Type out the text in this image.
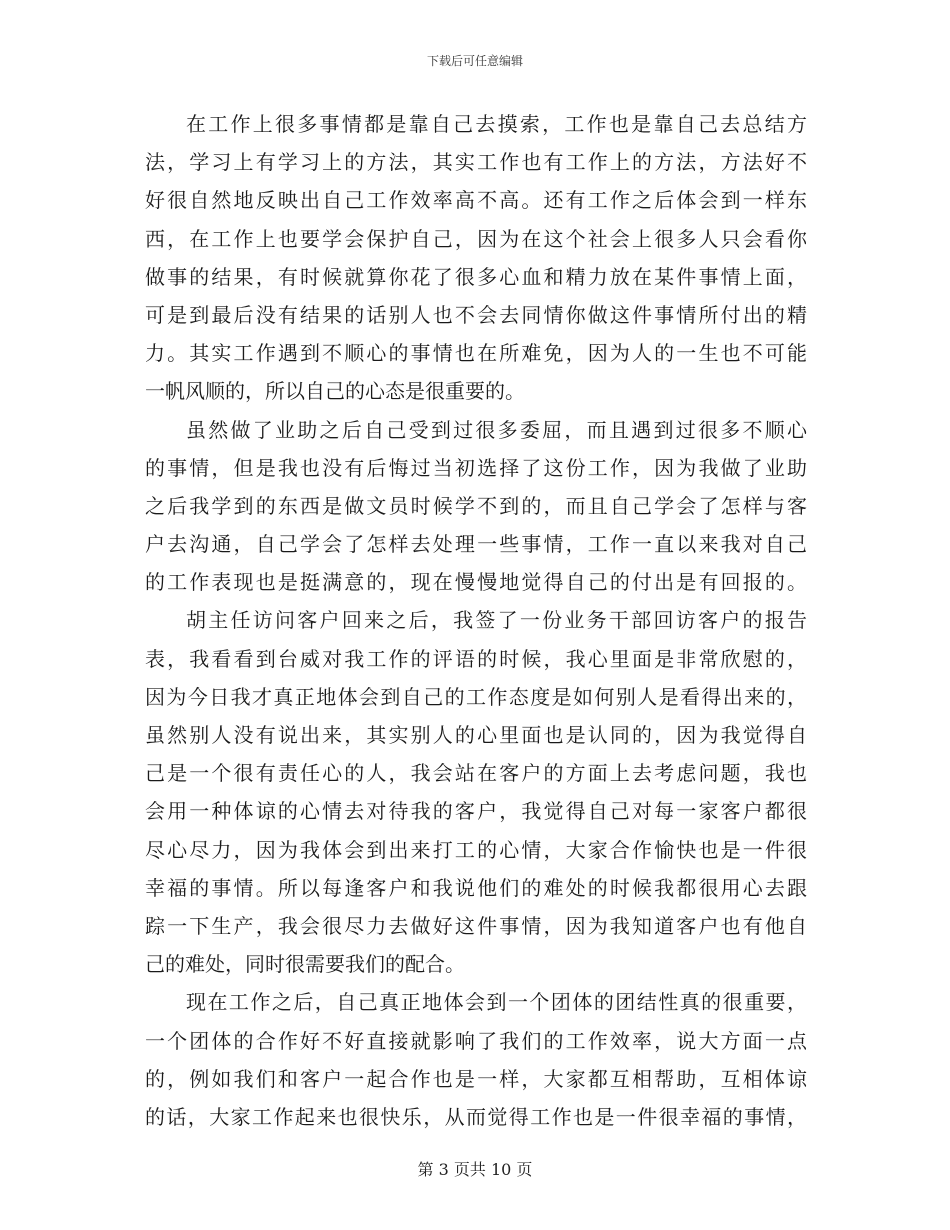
下载后可任意编辑
在工作上很多事情都是靠自己去摸索，工作也是靠自己去总结方
法，学习上有学习上的方法，其实工作也有工作上的方法，方法好不
好很自然地反映出自己工作效率高不高。还有工作之后体会到一样东
西，在工作上也要学会保护自己，因为在这个社会上很多人只会看你
做事的结果，有时候就算你花了很多心血和精力放在某件事情上面，
可是到最后没有结果的话别人也不会去同情你做这件事情所付出的精
力。其实工作遇到不顺心的事情也在所难免，因为人的一生也不可能
一帆风顺的，所以自己的心态是很重要的。
虽然做了业助之后自己受到过很多委屈，而且遇到过很多不顺心
的事情，但是我也没有后悔过当初选择了这份工作，因为我做了业助
之后我学到的东西是做文员时候学不到的，而且自己学会了怎样与客
户去沟通，自己学会了怎样去处理一些事情，工作一直以来我对自己
的工作表现也是挺满意的，现在慢慢地觉得自己的付出是有回报的。
胡主任访问客户回来之后，我签了一份业务干部回访客户的报告
表，我看看到台威对我工作的评语的时候，我心里面是非常欣慰的，
因为今日我才真正地体会到自己的工作态度是如何别人是看得出来的，
虽然别人没有说出来，其实别人的心里面也是认同的，因为我觉得自
己是一个很有责任心的人，我会站在客户的方面上去考虑问题，我也
会用一种体谅的心情去对待我的客户，我觉得自己对每一家客户都很
尽心尽力，因为我体会到出来打工的心情，大家合作愉快也是一件很
幸福的事情。所以每逢客户和我说他们的难处的时候我都很用心去跟
踪一下生产，我会很尽力去做好这件事情，因为我知道客户也有他自
己的难处，同时很需要我们的配合。
现在工作之后，自己真正地体会到一个团体的团结性真的很重要，
一个团体的合作好不好直接就影响了我们的工作效率，说大方面一点
的，例如我们和客户一起合作也是一样，大家都互相帮助，互相体谅
的话，大家工作起来也很快乐，从而觉得工作也是一件很幸福的事情，
第 3 页共 10 页
